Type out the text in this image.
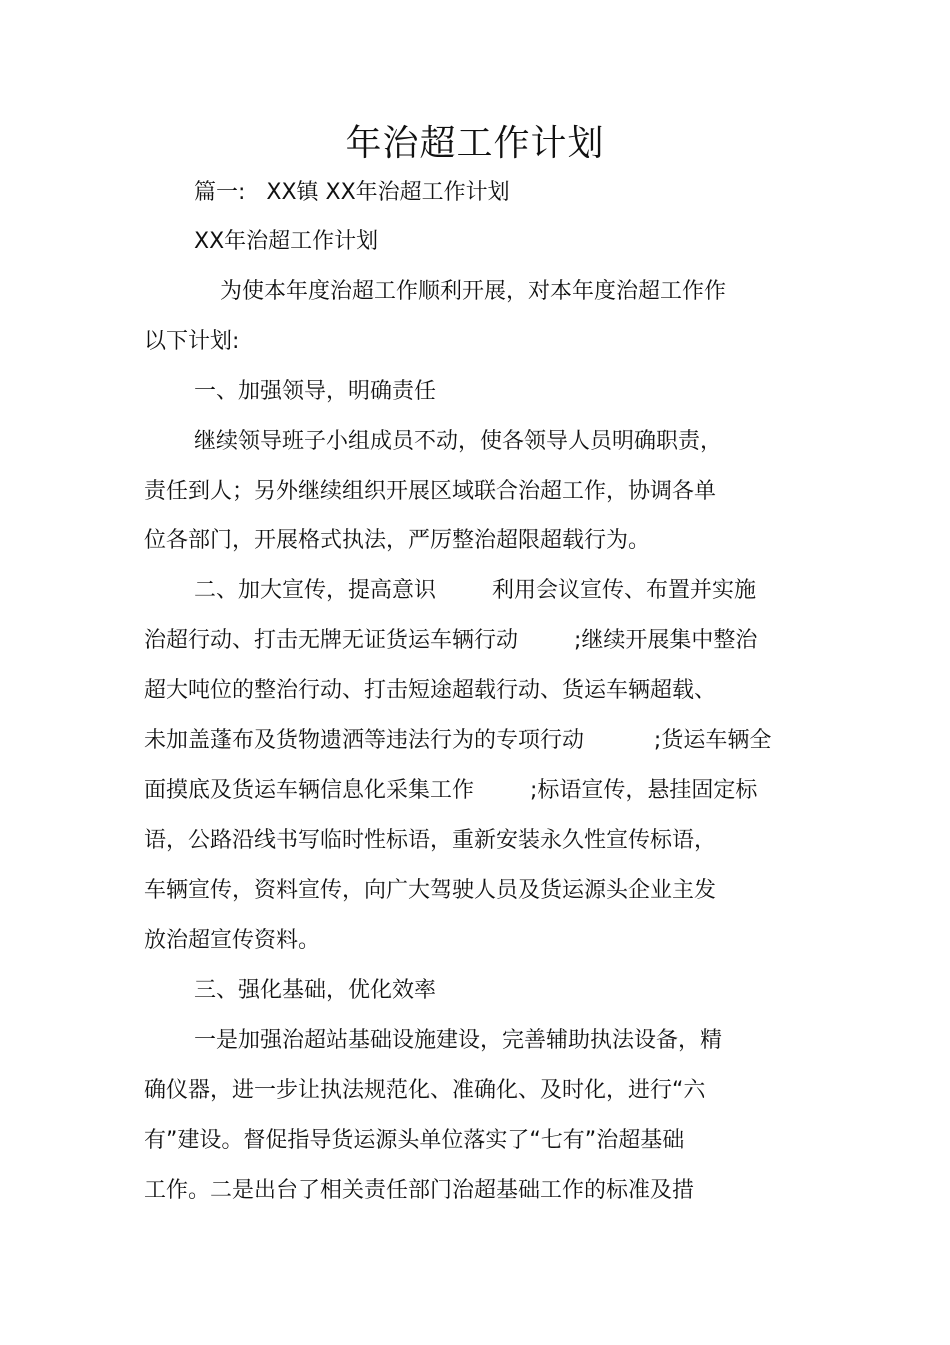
年治超工作计划
篇一:   XX镇 XX年治超工作计划
XX年治超工作计划
为使本年度治超工作顺利开展，对本年度治超工作作
以下计划:
一、加强领导，明确责任
继续领导班子小组成员不动，使各领导人员明确职责，
责任到人；另外继续组织开展区域联合治超工作，协调各单
位各部门，开展格式执法，严厉整治超限超载行为。
二、加大宣传，提高意识        利用会议宣传、布置并实施
治超行动、打击无牌无证货运车辆行动        ;继续开展集中整治
超大吨位的整治行动、打击短途超载行动、货运车辆超载、
未加盖蓬布及货物遗洒等违法行为的专项行动          ;货运车辆全
面摸底及货运车辆信息化采集工作        ;标语宣传，悬挂固定标
语，公路沿线书写临时性标语，重新安装永久性宣传标语，
车辆宣传，资料宣传，向广大驾驶人员及货运源头企业主发
放治超宣传资料。
三、强化基础，优化效率
一是加强治超站基础设施建设，完善辅助执法设备，精
确仪器，进一步让执法规范化、准确化、及时化，进行“六
有”建设。督促指导货运源头单位落实了“七有”治超基础
工作。二是出台了相关责任部门治超基础工作的标准及措
